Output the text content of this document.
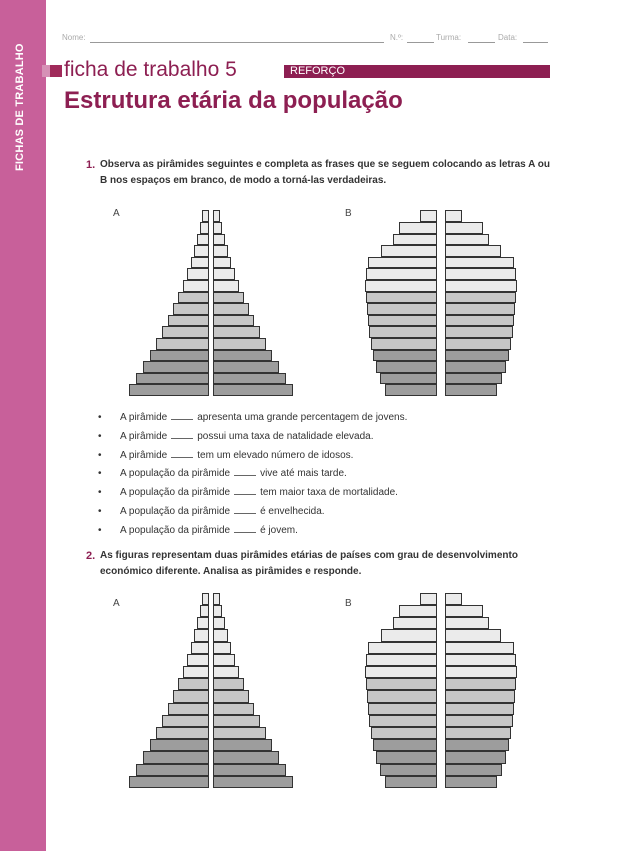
FICHAS DE TRABALHO
Nome:	N.º:	Turma:	Data:
ficha de trabalho 5	REFORÇO
Estrutura etária da população
1. Observa as pirâmides seguintes e completa as frases que se seguem colocando as letras A ou B nos espaços em branco, de modo a torná-las verdadeiras.
A	B
• A pirâmide	apresenta uma grande percentagem de jovens.
• A pirâmide	possui uma taxa de natalidade elevada.
• A pirâmide	tem um elevado número de idosos.
• A população da pirâmide	vive até mais tarde.
• A população da pirâmide	tem maior taxa de mortalidade.
• A população da pirâmide	é envelhecida.
• A população da pirâmide	é jovem.
2. As figuras representam duas pirâmides etárias de países com grau de desenvolvimento económico diferente. Analisa as pirâmides e responde.
A	B
